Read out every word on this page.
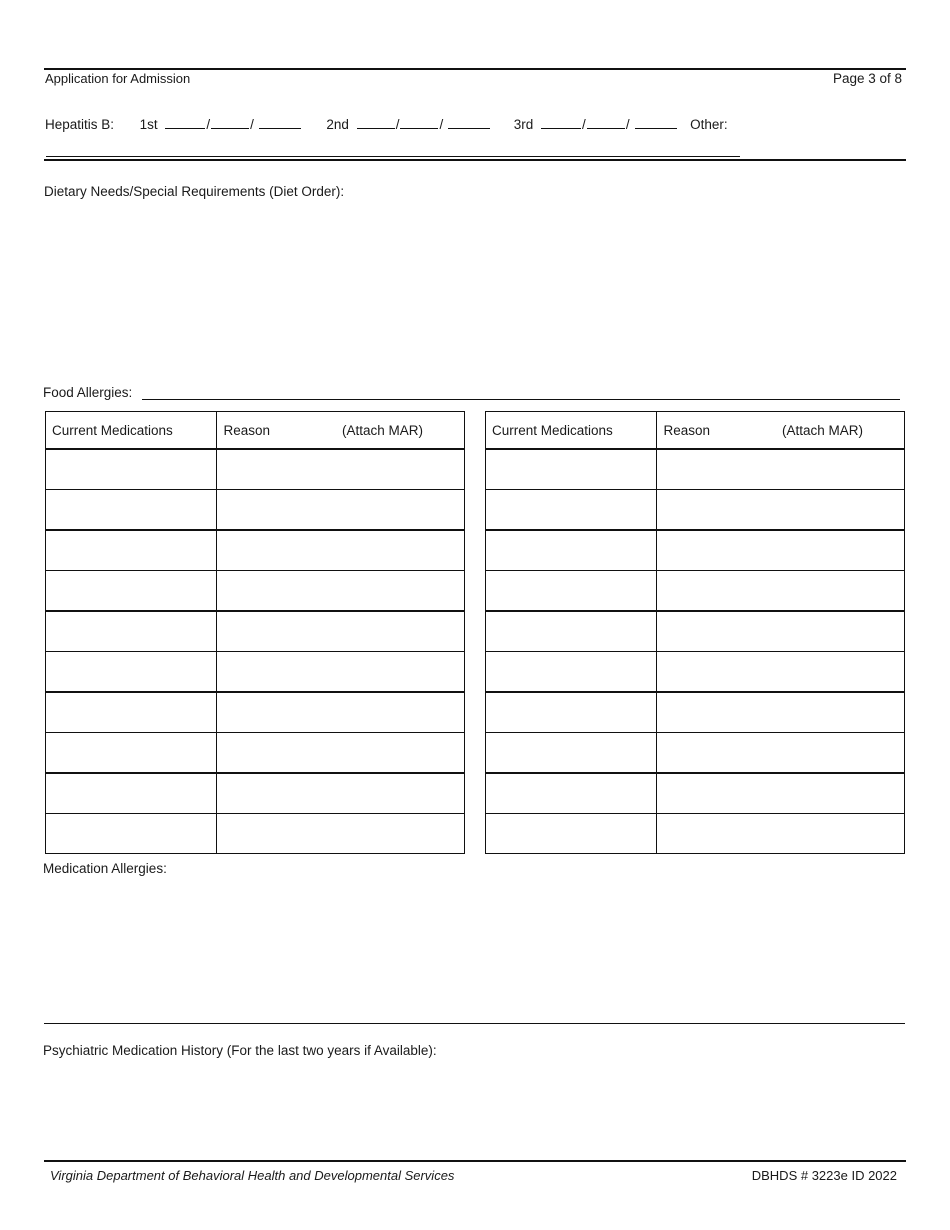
Application for Admission	Page 3 of 8
Hepatitis B: 1st	/	/	2nd	/	/	3rd	/	/	Other:
Dietary Needs/Special Requirements (Diet Order):
Food Allergies:
Current Medications	Reason (Attach MAR)

		Current Medications	Reason (Attach MAR)

Medication Allergies:
Psychiatric Medication History (For the last two years if Available):
Virginia Department of Behavioral Health and Developmental Services	DBHDS # 3223e ID 2022
